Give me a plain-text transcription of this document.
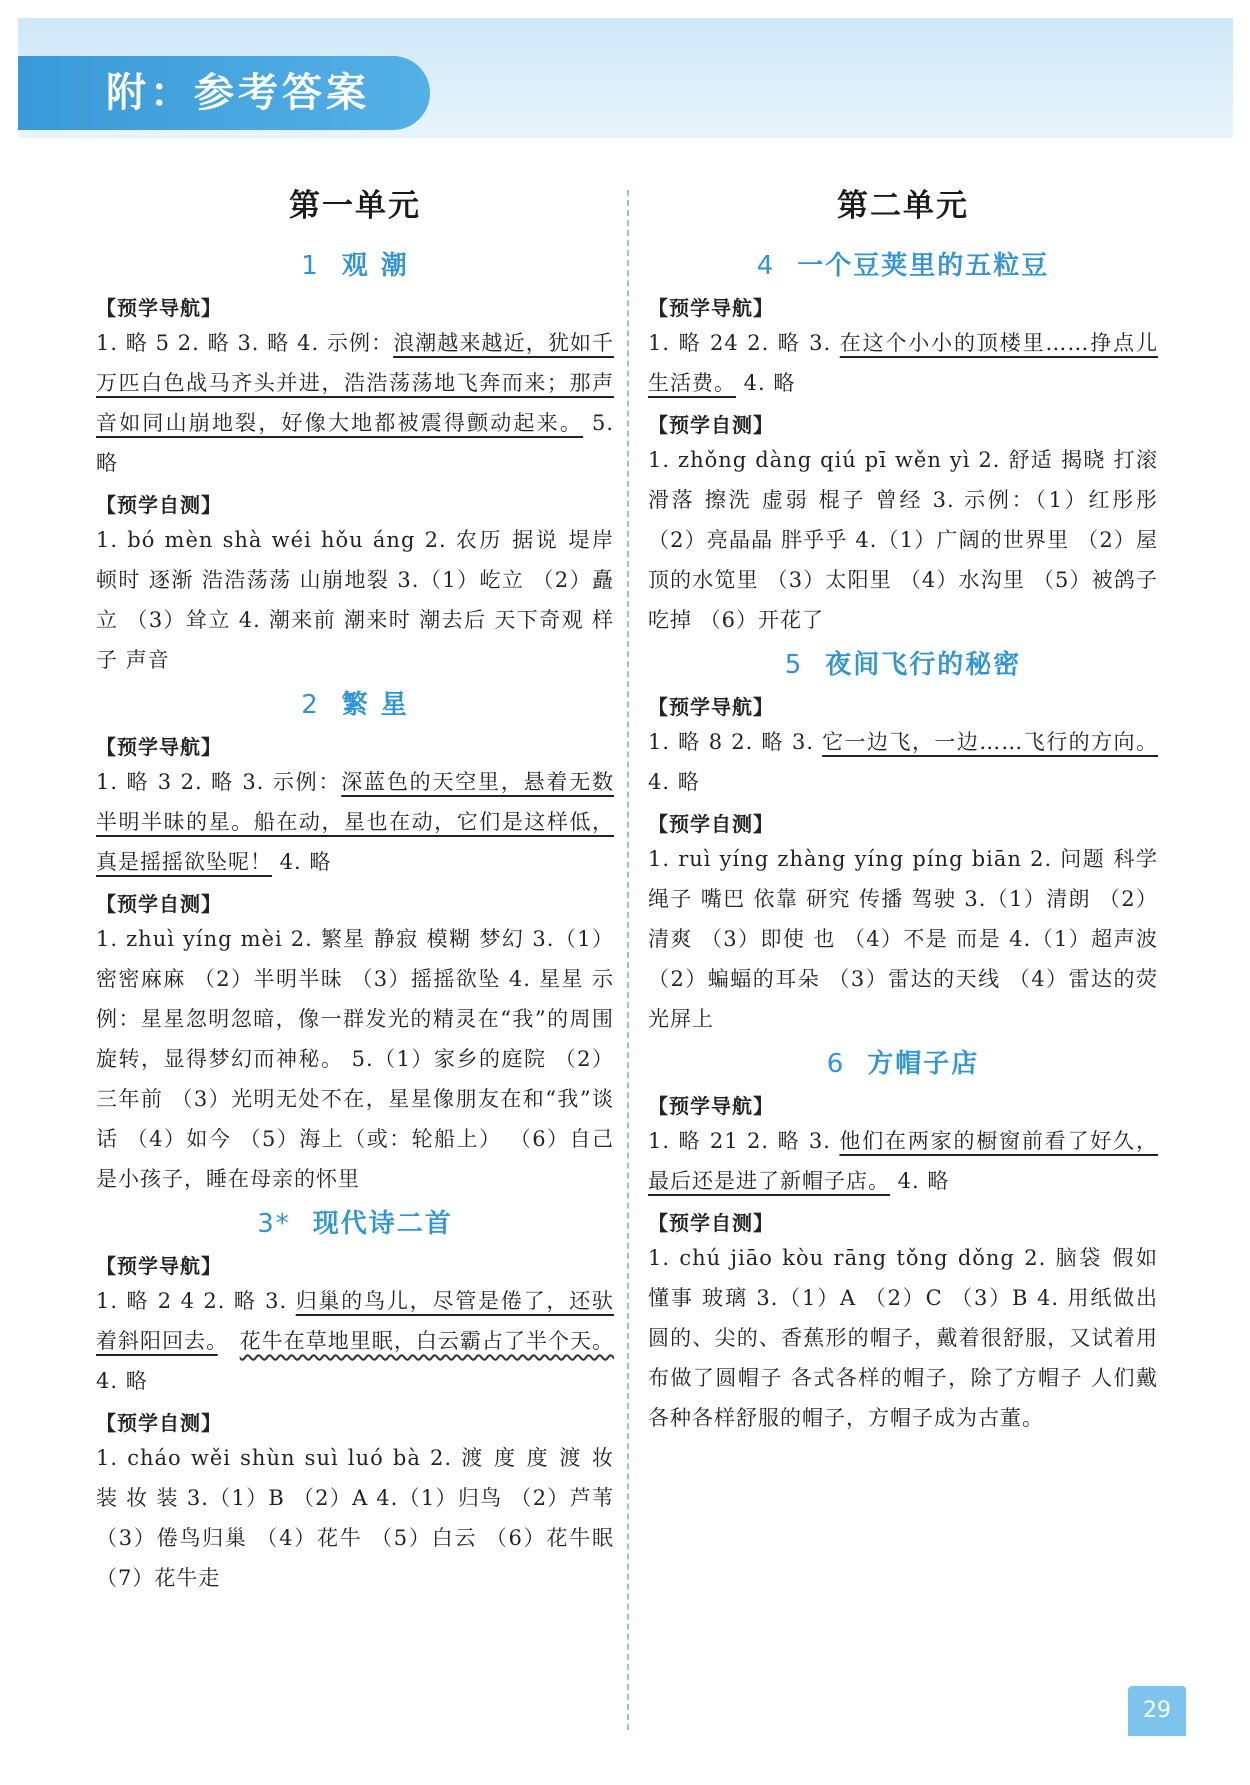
附：参考答案
第一单元
1 观 潮
【预学导航】
1. 略 5 2. 略 3. 略 4. 示例：浪潮越来越近，犹如千万匹白色战马齐头并进，浩浩荡荡地飞奔而来；那声音如同山崩地裂，好像大地都被震得颤动起来。 5. 略
【预学自测】
1. bó mèn shà wéi hǒu áng 2. 农历 据说 堤岸 顿时 逐渐 浩浩荡荡 山崩地裂 3.（1）屹立 （2）矗立 （3）耸立 4. 潮来前 潮来时 潮去后 天下奇观 样子 声音
2 繁 星
【预学导航】
1. 略 3 2. 略 3. 示例：深蓝色的天空里，悬着无数半明半昧的星。船在动，星也在动，它们是这样低，真是摇摇欲坠呢！ 4. 略
【预学自测】
1. zhuì yíng mèi 2. 繁星 静寂 模糊 梦幻 3.（1）密密麻麻 （2）半明半昧 （3）摇摇欲坠 4. 星星 示例：星星忽明忽暗，像一群发光的精灵在“我”的周围旋转，显得梦幻而神秘。 5.（1）家乡的庭院 （2）三年前 （3）光明无处不在，星星像朋友在和“我”谈话 （4）如今 （5）海上（或：轮船上） （6）自己是小孩子，睡在母亲的怀里
3* 现代诗二首
【预学导航】
1. 略 2 4 2. 略 3. 归巢的鸟儿，尽管是倦了，还驮着斜阳回去。　 花牛在草地里眠，白云霸占了半个天。 4. 略
【预学自测】
1. cháo wěi shùn suì luó bà 2. 渡 度 度 渡 妆 装 妆 装 3.（1）B （2）A 4.（1）归鸟 （2）芦苇 （3）倦鸟归巢 （4）花牛 （5）白云 （6）花牛眠 （7）花牛走
第二单元
4 一个豆荚里的五粒豆
【预学导航】
1. 略 24 2. 略 3. 在这个小小的顶楼里……挣点儿生活费。 4. 略
【预学自测】
1. zhǒng dàng qiú pī wěn yì 2. 舒适 揭晓 打滚 滑落 擦洗 虚弱 棍子 曾经 3. 示例：（1）红彤彤 （2）亮晶晶 胖乎乎 4.（1）广阔的世界里 （2）屋顶的水笕里 （3）太阳里 （4）水沟里 （5）被鸽子吃掉 （6）开花了
5 夜间飞行的秘密
【预学导航】
1. 略 8 2. 略 3. 它一边飞，一边……飞行的方向。 4. 略
【预学自测】
1. ruì yíng zhàng yíng píng biān 2. 问题 科学 绳子 嘴巴 依靠 研究 传播 驾驶 3.（1）清朗 （2）清爽 （3）即使 也 （4）不是 而是 4.（1）超声波 （2）蝙蝠的耳朵 （3）雷达的天线 （4）雷达的荧光屏上
6 方帽子店
【预学导航】
1. 略 21 2. 略 3. 他们在两家的橱窗前看了好久，最后还是进了新帽子店。 4. 略
【预学自测】
1. chú jiāo kòu rāng tǒng dǒng 2. 脑袋 假如 懂事 玻璃 3.（1）A （2）C （3）B 4. 用纸做出圆的、尖的、香蕉形的帽子，戴着很舒服，又试着用布做了圆帽子 各式各样的帽子，除了方帽子 人们戴各种各样舒服的帽子，方帽子成为古董。
29
